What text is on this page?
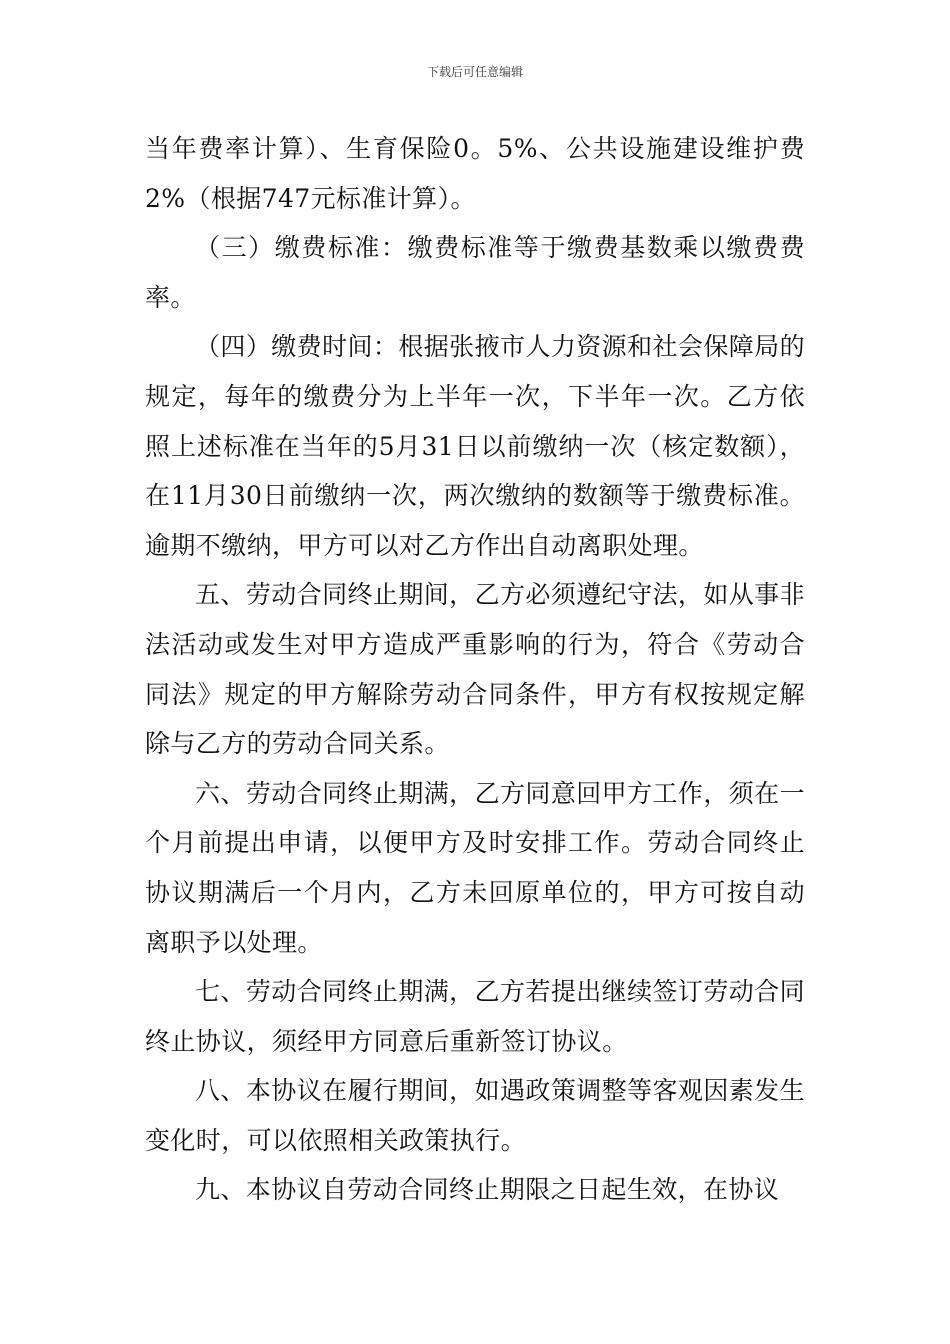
下载后可任意编辑

当年费率计算）、生育保险0。5%、公共设施建设维护费2%（根据747元标准计算）。

（三）缴费标准：缴费标准等于缴费基数乘以缴费费率。

（四）缴费时间：根据张掖市人力资源和社会保障局的规定，每年的缴费分为上半年一次，下半年一次。乙方依照上述标准在当年的5月31日以前缴纳一次（核定数额），在11月30日前缴纳一次，两次缴纳的数额等于缴费标准。逾期不缴纳，甲方可以对乙方作出自动离职处理。

五、劳动合同终止期间，乙方必须遵纪守法，如从事非法活动或发生对甲方造成严重影响的行为，符合《劳动合同法》规定的甲方解除劳动合同条件，甲方有权按规定解除与乙方的劳动合同关系。

六、劳动合同终止期满，乙方同意回甲方工作，须在一个月前提出申请，以便甲方及时安排工作。劳动合同终止协议期满后一个月内，乙方未回原单位的，甲方可按自动离职予以处理。

七、劳动合同终止期满，乙方若提出继续签订劳动合同终止协议，须经甲方同意后重新签订协议。

八、本协议在履行期间，如遇政策调整等客观因素发生变化时，可以依照相关政策执行。

九、本协议自劳动合同终止期限之日起生效，在协议
